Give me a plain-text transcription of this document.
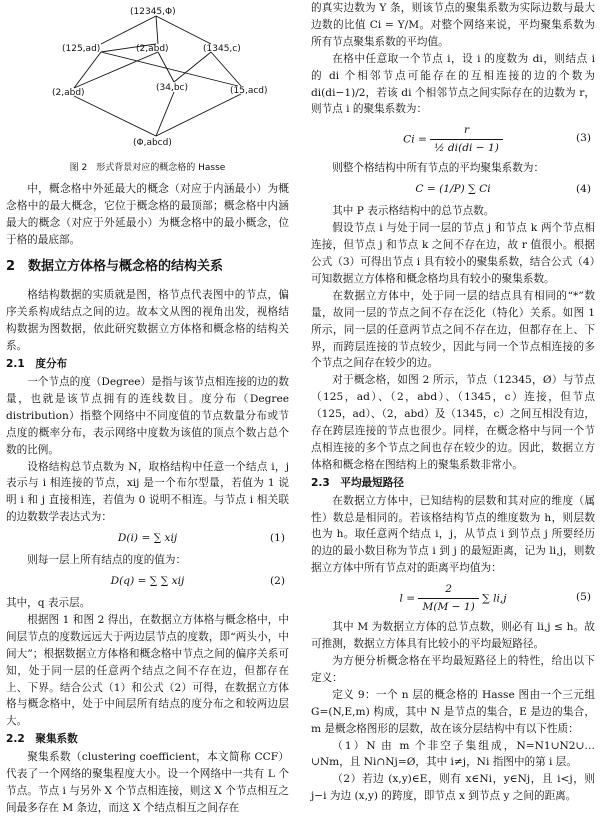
(12345,Φ)
(125,ad)	(2,abd)	(1345,c)
(2,abd)	(34,bc)	(15,acd)
(Φ,abcd)
图 2　形式背景对应的概念格的 Hasse

中，概念格中外延最大的概念（对应于内涵最小）为概念格中的最大概念，它位于概念格的最顶部；概念格中内涵最大的概念（对应于外延最小）为概念格中的最小概念，位于格的最底部。

2　数据立方体格与概念格的结构关系

格结构数据的实质就是图，格节点代表图中的节点，偏序关系构成结点之间的边。故本文从图的视角出发，视格结构数据为图数据，依此研究数据立方体格和概念格的结构关系。

2.1　度分布

一个节点的度（Degree）是指与该节点相连接的边的数量，也就是该节点拥有的连线数目。度分布（Degree distribution）指整个网络中不同度值的节点数量分布或节点度的概率分布，表示网络中度数为该值的顶点个数占总个数的比例。

设格结构总节点数为 N，取格结构中任意一个结点 i，j 表示与 i 相连接的节点，xij 是一个布尔型量，若值为 1 说明 i 和 j 直接相连，若值为 0 说明不相连。与节点 i 相关联的边数数学表达式为：

D(i) = ∑ xij	(1)

则每一层上所有结点的度的值为：

D(q) = ∑ ∑ xij	(2)

其中，q 表示层。

根据图 1 和图 2 得出，在数据立方体格与概念格中，中间层节点的度数远远大于两边层节点的度数，即“两头小，中间大”；根据数据立方体格和概念格中节点之间的偏序关系可知，处于同一层的任意两个结点之间不存在边，但都存在上、下界。结合公式（1）和公式（2）可得，在数据立方体格与概念格中，处于中间层所有结点的度分布之和较两边层大。

2.2　聚集系数

聚集系数（clustering coefficient，本文简称 CCF）代表了一个网络的聚集程度大小。设一个网络中一共有 L 个节点。节点 i 与另外 X 个节点相连接，则这 X 个节点相互之间最多存在 M 条边，而这 X 个结点相互之间存在

的真实边数为 Y 条，则该节点的聚集系数为实际边数与最大边数的比值 Ci = Y/M。对整个网络来说，平均聚集系数为所有节点聚集系数的平均值。

在格中任意取一个节点 i，设 i 的度数为 di，则结点 i 的 di 个相邻节点可能存在的互相连接的边的个数为 di(di−1)/2，若该 di 个相邻节点之间实际存在的边数为 r，则节点 i 的聚集系数为：

$Ci = \frac{r}{\text{½ di(di − 1)}}$	(3)

则整个格结构中所有节点的平均聚集系数为：

C = (1/P) ∑ Ci	(4)

其中 P 表示格结构中的总节点数。

假设节点 i 与处于同一层的节点 j 和节点 k 两个节点相连接，但节点 j 和节点 k 之间不存在边，故 r 值很小。根据公式（3）可得出节点 i 具有较小的聚集系数，结合公式（4）可知数据立方体格和概念格均具有较小的聚集系数。

在数据立方体中，处于同一层的结点具有相同的“*”数量，故同一层的节点之间不存在泛化（特化）关系。如图 1 所示，同一层的任意两节点之间不存在边，但都存在上、下界，而跨层连接的节点较少，因此与同一个节点相连接的多个节点之间存在较少的边。

对于概念格，如图 2 所示，节点（12345，Ø）与节点（125，ad）、（2，abd）、（1345，c）连接，但节点（125，ad）、（2，abd）及（1345，c）之间互相没有边，存在跨层连接的节点也很少。同样，在概念格中与同一个节点相连接的多个节点之间也存在较少的边。因此，数据立方体格和概念格在图结构上的聚集系数非常小。

2.3　平均最短路径

在数据立方体中，已知结构的层数和其对应的维度（属性）数总是相同的。若该格结构节点的维度数为 h，则层数也为 h。取任意两个结点 i，j，从节点 i 到节点 j 所要经历的边的最小数目称为节点 i 到 j 的最短距离，记为 li,j，则数据立方体中所有节点对的距离平均值为：

$l = \frac{2}{M(M - 1)}$ ∑ li,j	(5)

其中 M 为数据立方体的总节点数，则必有 li,j ≤ h。故可推测，数据立方体具有比较小的平均最短路径。

为方便分析概念格在平均最短路径上的特性，给出以下定义：

定义 9：一个 n 层的概念格的 Hasse 图由一个三元组 G=(N,E,m) 构成，其中 N 是节点的集合，E 是边的集合，m 是概念格图形的层数，故在该分层结构中有以下性质：

（1）N 由 m 个非空子集组成，N=N1∪N2∪…∪Nm，且 Ni∩Nj=Ø，其中 i≠j，Ni 指图中的第 i 层。

（2）若边 (x,y)∈E，则有 x∈Ni，y∈Nj，且 i<j，则 j−i 为边 (x,y) 的跨度，即节点 x 到节点 y 之间的距离。
